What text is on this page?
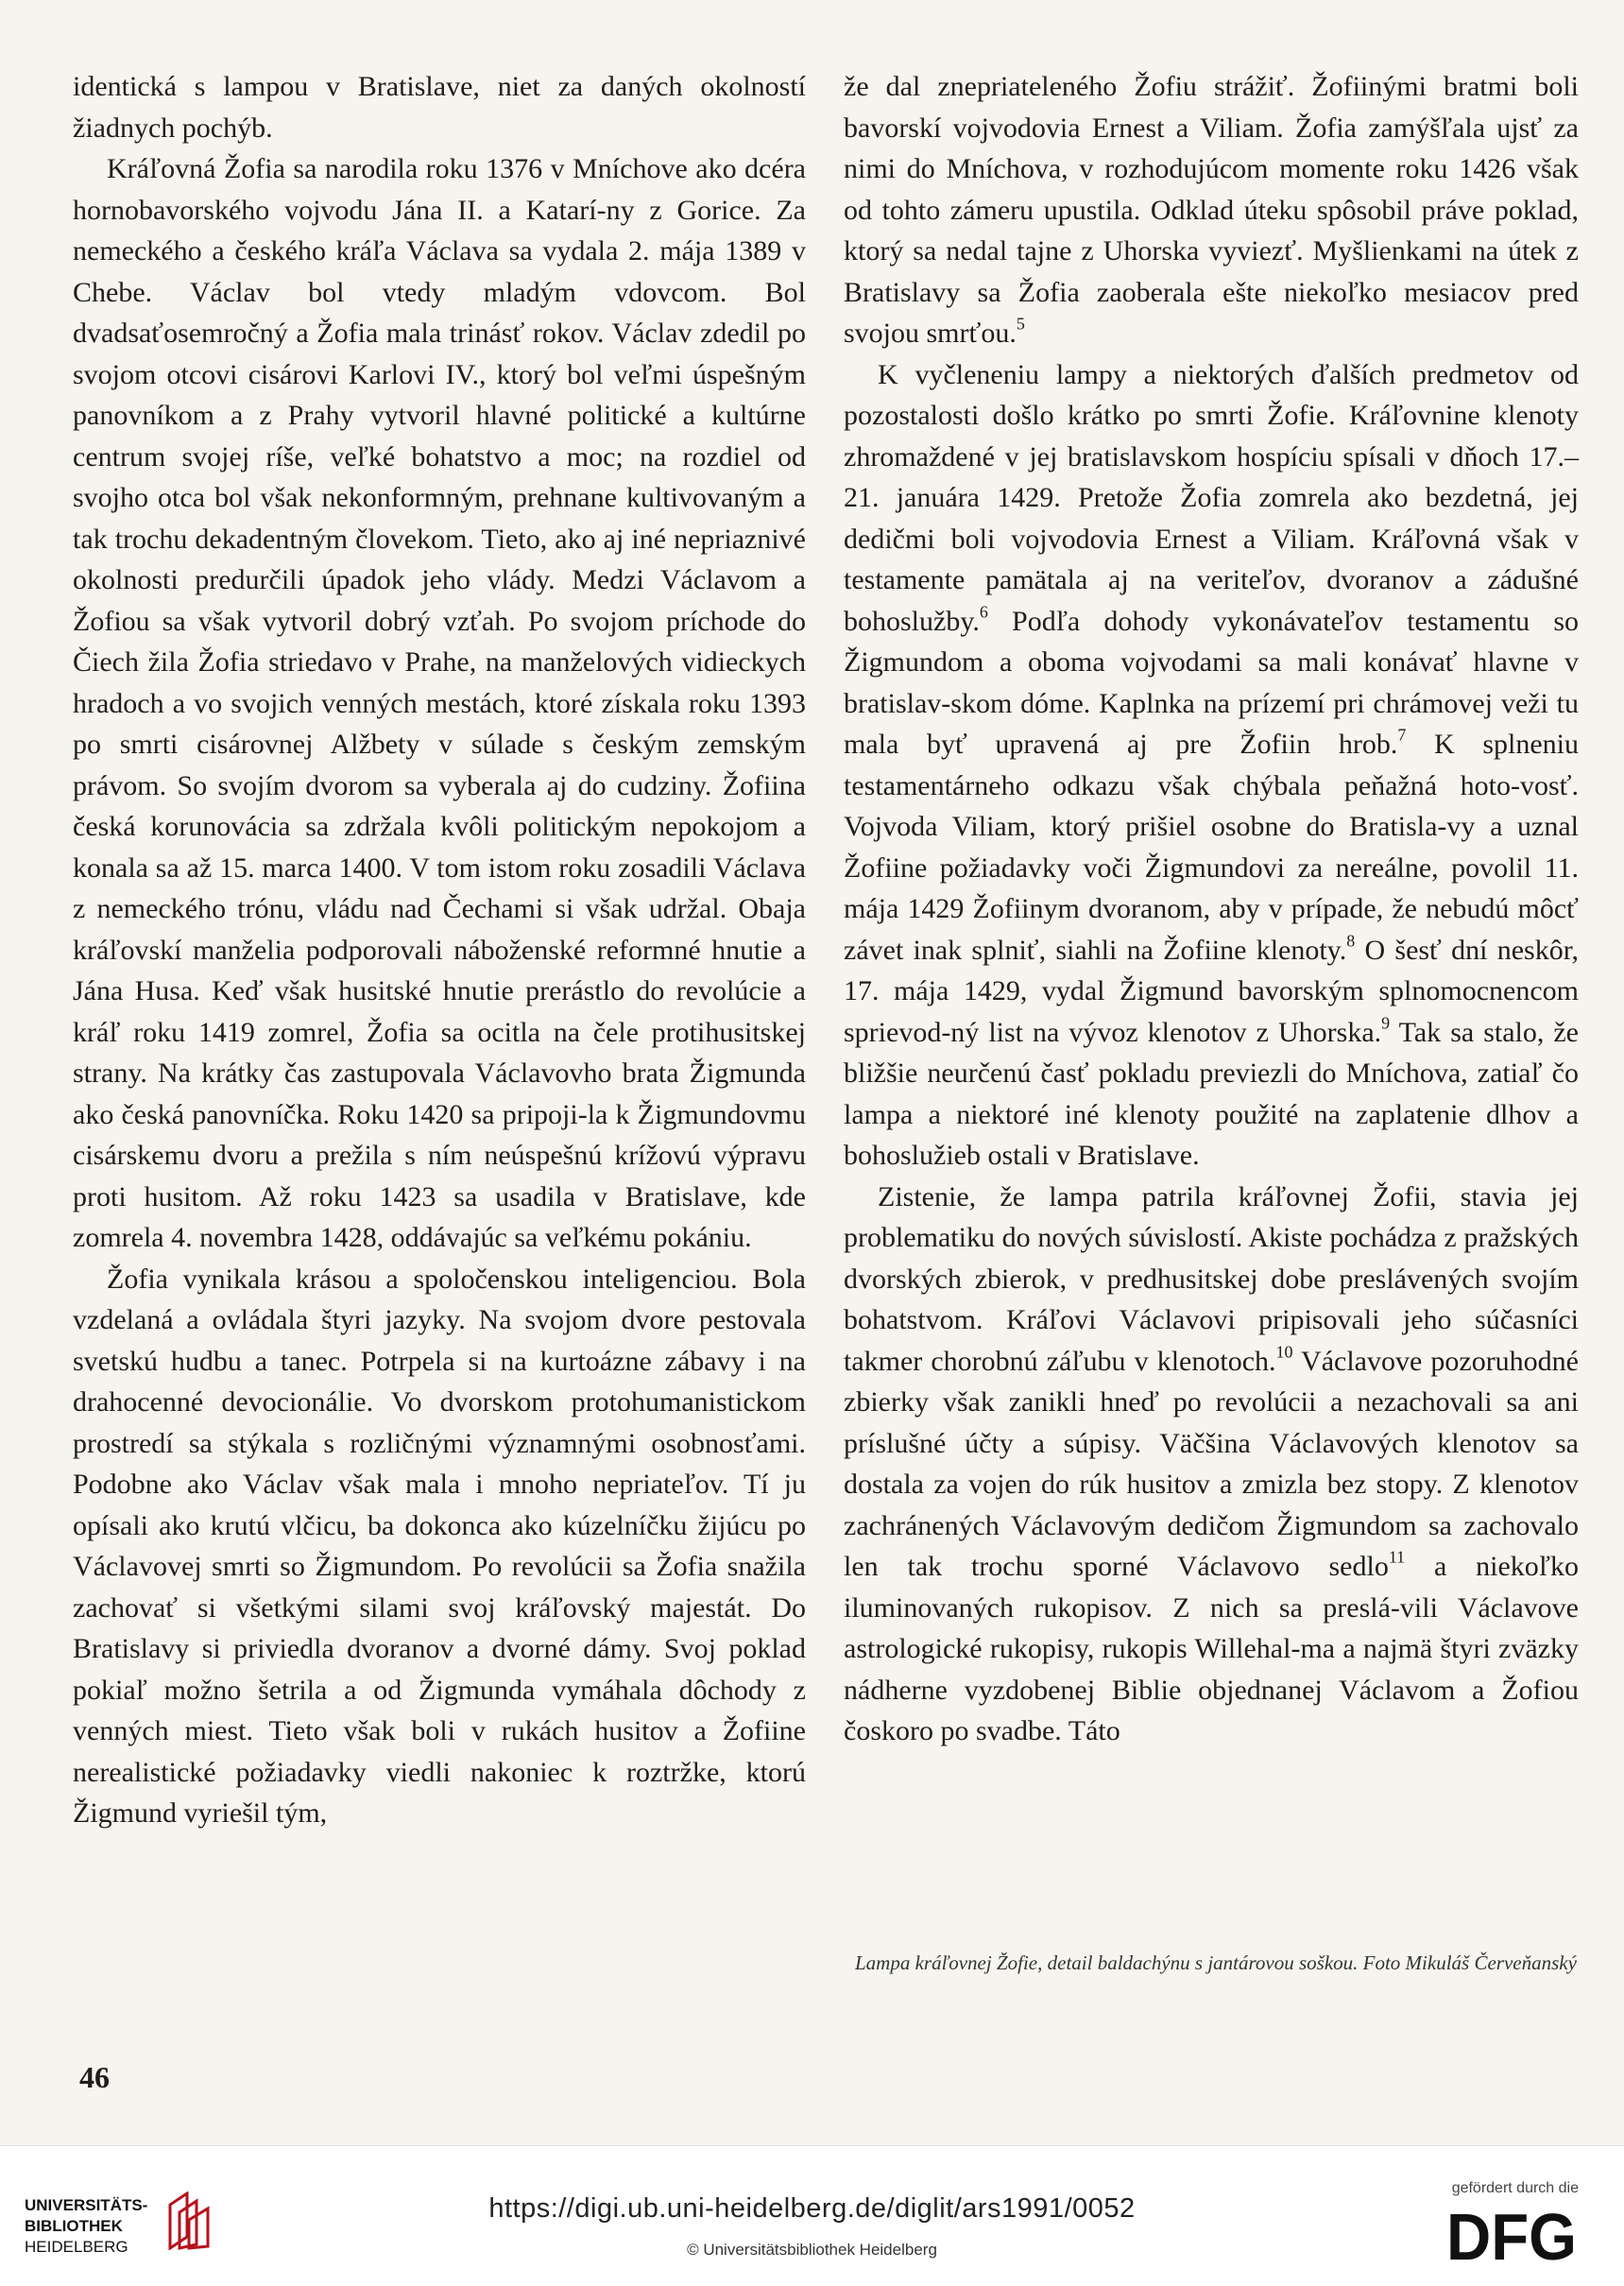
identická s lampou v Bratislave, niet za daných okolností žiadnych pochýb.

Kráľovná Žofia sa narodila roku 1376 v Mníchove ako dcéra hornobavorského vojvodu Jána II. a Katarí-ny z Gorice. Za nemeckého a českého kráľa Václava sa vydala 2. mája 1389 v Chebe. Václav bol vtedy mladým vdovcom. Bol dvadsaťosemročný a Žofia mala trinásť rokov. Václav zdedil po svojom otcovi cisárovi Karlovi IV., ktorý bol veľmi úspešným panovníkom a z Prahy vytvoril hlavné politické a kultúrne centrum svojej ríše, veľké bohatstvo a moc; na rozdiel od svojho otca bol však nekonformným, prehnane kultivovaným a tak trochu dekadentným človekom. Tieto, ako aj iné nepriaznivé okolnosti predurčili úpadok jeho vlády. Medzi Václavom a Žofiou sa však vytvoril dobrý vzťah. Po svojom príchode do Čiech žila Žofia striedavo v Prahe, na manželových vidieckych hradoch a vo svojich venných mestách, ktoré získala roku 1393 po smrti cisárovnej Alžbety v súlade s českým zemským právom. So svojím dvorom sa vyberala aj do cudziny. Žofiina česká korunovácia sa zdržala kvôli politickým nepokojom a konala sa až 15. marca 1400. V tom istom roku zosadili Václava z nemeckého trónu, vládu nad Čechami si však udržal. Obaja kráľovskí manželia podporovali náboženské reformné hnutie a Jána Husa. Keď však husitské hnutie prerástlo do revolúcie a kráľ roku 1419 zomrel, Žofia sa ocitla na čele protihusitskej strany. Na krátky čas zastupovala Václavovho brata Žigmunda ako česká panovníčka. Roku 1420 sa pripoji-la k Žigmundovmu cisárskemu dvoru a prežila s ním neúspešnú krížovú výpravu proti husitom. Až roku 1423 sa usadila v Bratislave, kde zomrela 4. novembra 1428, oddávajúc sa veľkému pokániu.

Žofia vynikala krásou a spoločenskou inteligenciou. Bola vzdelaná a ovládala štyri jazyky. Na svojom dvore pestovala svetskú hudbu a tanec. Potrpela si na kurtoázne zábavy i na drahocenné devocionálie. Vo dvorskom protohumanistickom prostredí sa stýkala s rozličnými významnými osobnosťami. Podobne ako Václav však mala i mnoho nepriateľov. Tí ju opísali ako krutú vlčicu, ba dokonca ako kúzelníčku žijúcu po Václavovej smrti so Žigmundom. Po revolúcii sa Žofia snažila zachovať si všetkými silami svoj kráľovský majestát. Do Bratislavy si priviedla dvoranov a dvorné dámy. Svoj poklad pokiaľ možno šetrila a od Žigmunda vymáhala dôchody z venných miest. Tieto však boli v rukách husitov a Žofiine nerealistické požiadavky viedli nakoniec k roztržke, ktorú Žigmund vyriešil tým,

že dal znepriateleného Žofiu strážiť. Žofiinými bratmi boli bavorskí vojvodovia Ernest a Viliam. Žofia zamýšľala ujsť za nimi do Mníchova, v rozhodujúcom momente roku 1426 však od tohto zámeru upustila. Odklad úteku spôsobil práve poklad, ktorý sa nedal tajne z Uhorska vyviezť. Myšlienkami na útek z Bratislavy sa Žofia zaoberala ešte niekoľko mesiacov pred svojou smrťou.$^5$

K vyčleneniu lampy a niektorých ďalších predmetov od pozostalosti došlo krátko po smrti Žofie. Kráľovnine klenoty zhromaždené v jej bratislavskom hospíciu spísali v dňoch 17.–21. januára 1429. Pretože Žofia zomrela ako bezdetná, jej dedičmi boli vojvodovia Ernest a Viliam. Kráľovná však v testamente pamätala aj na veriteľov, dvoranov a zádušné bohoslužby.$^6$ Podľa dohody vykonávateľov testamentu so Žigmundom a oboma vojvodami sa mali konávať hlavne v bratislav-skom dóme. Kaplnka na prízemí pri chrámovej veži tu mala byť upravená aj pre Žofiin hrob.$^7$ K splneniu testamentárneho odkazu však chýbala peňažná hoto-vosť. Vojvoda Viliam, ktorý prišiel osobne do Bratisla-vy a uznal Žofiine požiadavky voči Žigmundovi za nereálne, povolil 11. mája 1429 Žofiinym dvoranom, aby v prípade, že nebudú môcť závet inak splniť, siahli na Žofiine klenoty.$^8$ O šesť dní neskôr, 17. mája 1429, vydal Žigmund bavorským splnomocnencom sprievod-ný list na vývoz klenotov z Uhorska.$^9$ Tak sa stalo, že bližšie neurčenú časť pokladu previezli do Mníchova, zatiaľ čo lampa a niektoré iné klenoty použité na zaplatenie dlhov a bohoslužieb ostali v Bratislave.

Zistenie, že lampa patrila kráľovnej Žofii, stavia jej problematiku do nových súvislostí. Akiste pochádza z pražských dvorských zbierok, v predhusitskej dobe preslávených svojím bohatstvom. Kráľovi Václavovi pripisovali jeho súčasníci takmer chorobnú záľubu v klenotoch.$^{10}$ Václavove pozoruhodné zbierky však zanikli hneď po revolúcii a nezachovali sa ani príslušné účty a súpisy. Väčšina Václavových klenotov sa dostala za vojen do rúk husitov a zmizla bez stopy. Z klenotov zachránených Václavovým dedičom Žigmundom sa zachovalo len tak trochu sporné Václavovo sedlo$^{11}$ a niekoľko iluminovaných rukopisov. Z nich sa preslá-vili Václavove astrologické rukopisy, rukopis Willehal-ma a najmä štyri zväzky nádherne vyzdobenej Biblie objednanej Václavom a Žofiou čoskoro po svadbe. Táto

Lampa kráľovnej Žofie, detail baldachýnu s jantárovou soškou. Foto Mikuláš Červeňanský
46
UNIVERSITÄTS-
BIBLIOTHEK
HEIDELBERG
https://digi.ub.uni-heidelberg.de/diglit/ars1991/0052
© Universitätsbibliothek Heidelberg
gefördert durch die
DFG
